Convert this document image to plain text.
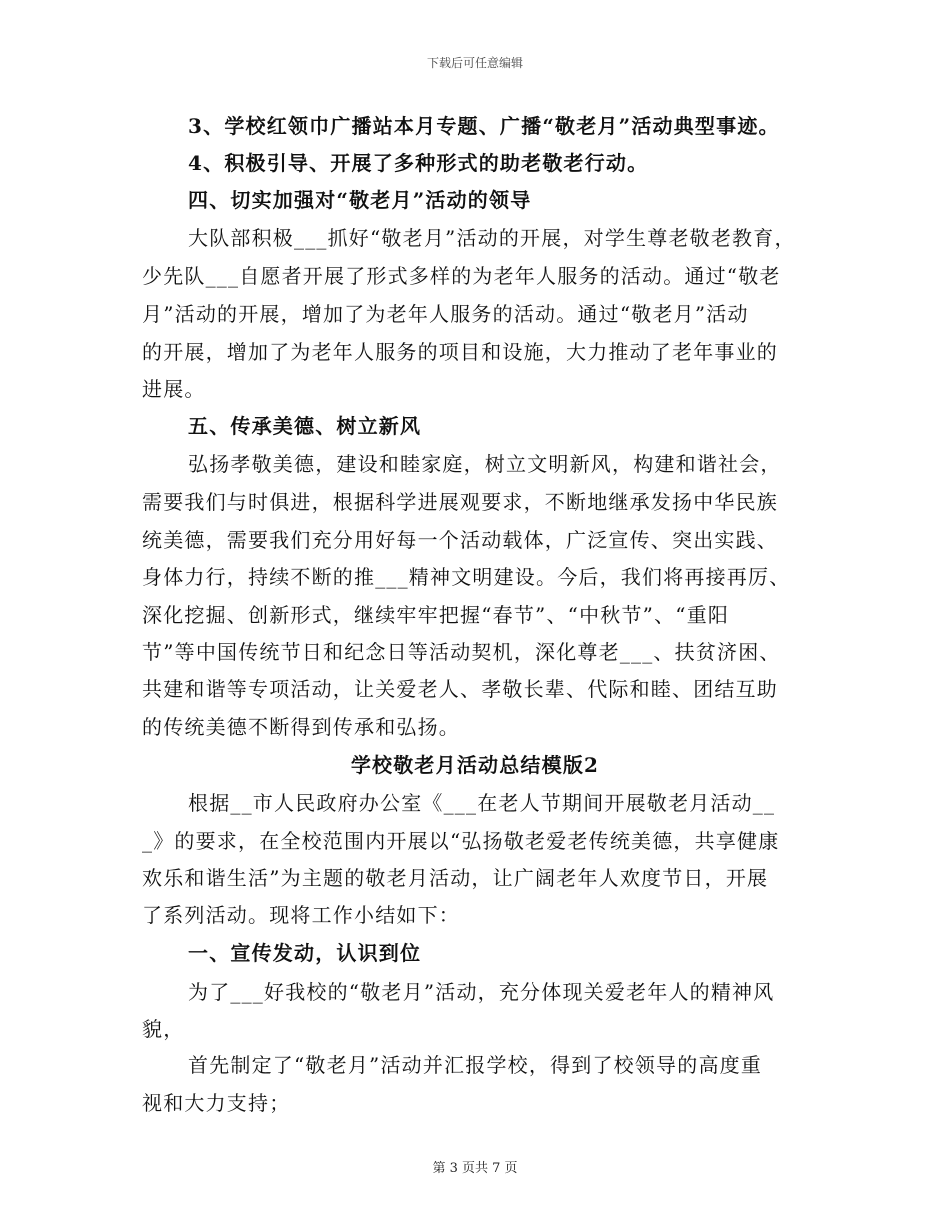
下载后可任意编辑
3、学校红领巾广播站本月专题、广播“敬老月”活动典型事迹。
4、积极引导、开展了多种形式的助老敬老行动。
四、切实加强对“敬老月”活动的领导
大队部积极___抓好“敬老月”活动的开展，对学生尊老敬老教育，
少先队___自愿者开展了形式多样的为老年人服务的活动。通过“敬老
月”活动的开展，增加了为老年人服务的活动。通过“敬老月”活动
的开展，增加了为老年人服务的项目和设施，大力推动了老年事业的
进展。
五、传承美德、树立新风
弘扬孝敬美德，建设和睦家庭，树立文明新风，构建和谐社会，
需要我们与时俱进，根据科学进展观要求，不断地继承发扬中华民族
统美德，需要我们充分用好每一个活动载体，广泛宣传、突出实践、
身体力行，持续不断的推___精神文明建设。今后，我们将再接再厉、
深化挖掘、创新形式，继续牢牢把握“春节”、“中秋节”、“重阳
节”等中国传统节日和纪念日等活动契机，深化尊老___、扶贫济困、
共建和谐等专项活动，让关爱老人、孝敬长辈、代际和睦、团结互助
的传统美德不断得到传承和弘扬。
学校敬老月活动总结模版2
根据__市人民政府办公室《___在老人节期间开展敬老月活动__
_》的要求，在全校范围内开展以“弘扬敬老爱老传统美德，共享健康
欢乐和谐生活”为主题的敬老月活动，让广阔老年人欢度节日，开展
了系列活动。现将工作小结如下：
一、宣传发动，认识到位
为了___好我校的“敬老月”活动，充分体现关爱老年人的精神风
貌，
首先制定了“敬老月”活动并汇报学校，得到了校领导的高度重
视和大力支持；
第 3 页共 7 页
